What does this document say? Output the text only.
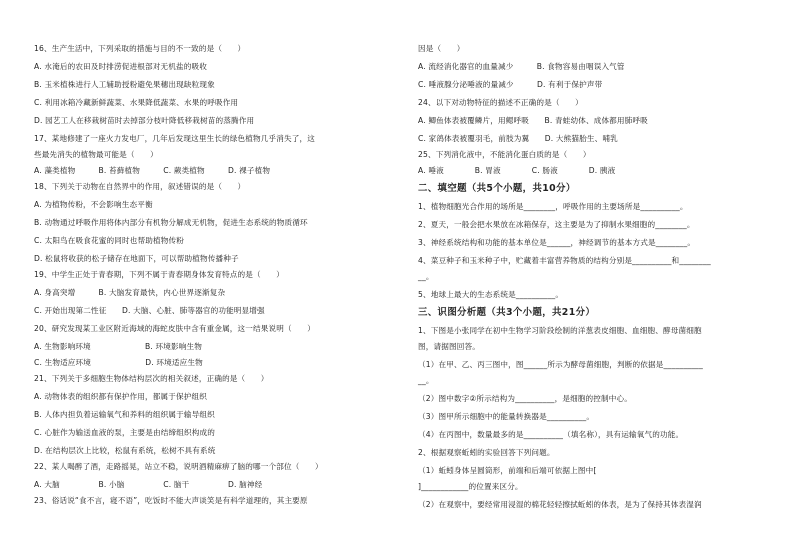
16、生产生活中，下列采取的措施与目的不一致的是（　　）
A. 水淹后的农田及时排涝促进根部对无机盐的吸收
B. 玉米植株进行人工辅助授粉避免果穗出现缺粒现象
C. 利用冰箱冷藏新鲜蔬菜、水果降低蔬菜、水果的呼吸作用
D. 园艺工人在移栽树苗时去掉部分枝叶降低移栽树苗的蒸腾作用
17、某地修建了一座火力发电厂，几年后发现这里生长的绿色植物几乎消失了，这
些最先消失的植物最可能是（　　）
A. 藻类植物　　　B. 苔藓植物　　　C. 蕨类植物　　　D. 裸子植物
18、下列关于动物在自然界中的作用，叙述错误的是（　　）
A. 为植物传粉，不会影响生态平衡
B. 动物通过呼吸作用将体内部分有机物分解成无机物，促进生态系统的物质循环
C. 太阳鸟在吸食花蜜的同时也帮助植物传粉
D. 松鼠将收获的松子储存在地面下，可以帮助植物传播种子
19、中学生正处于青春期，下列不属于青春期身体发育特点的是（　　）
A. 身高突增　　　B. 大脑发育最快，内心世界逐渐复杂
C. 开始出现第二性征　　D. 大脑、心脏、肺等器官的功能明显增强
20、研究发现某工业区附近海域的海蛇皮肤中含有重金属，这一结果说明（　　）
A. 生物影响环境　　　　　　　B. 环境影响生物
C. 生物适应环境　　　　　　　D. 环境适应生物
21、下列关于多细胞生物体结构层次的相关叙述，正确的是（　　）
A. 动物体表的组织都有保护作用，都属于保护组织
B. 人体内担负着运输氧气和养料的组织属于输导组织
C. 心脏作为输送血液的泵，主要是由结缔组织构成的
D. 在结构层次上比较，松鼠有系统，松树不具有系统
22、某人喝醉了酒，走路摇晃，站立不稳，说明酒精麻痹了脑的哪一个部位（　　）
A. 大脑　　　　　B. 小脑　　　　　C. 脑干　　　　　D. 脑神经
23、俗话说“食不言，寝不语”，吃饭时不能大声谈笑是有科学道理的，其主要原
因是（　　）
A. 流经消化器官的血量减少　　　B. 食物容易由咽误入气管
C. 唾液腺分泌唾液的量减少　　　D. 有利于保护声带
24、以下对动物特征的描述不正确的是（　　）
A. 鲫鱼体表被覆鳞片，用鳃呼吸　　B. 青蛙幼体、成体都用肺呼吸
C. 家鸽体表被覆羽毛，前肢为翼　　D. 大熊猫胎生、哺乳
25、下列消化液中，不能消化蛋白质的是（　　）
A. 唾液　　　　B. 胃液　　　　C. 肠液　　　　D. 胰液
二、填空题（共5个小题，共10分）
1、植物细胞光合作用的场所是________，呼吸作用的主要场所是__________。
2、夏天，一般会把水果放在冰箱保存，这主要是为了抑制水果细胞的________。
3、神经系统结构和功能的基本单位是______，神经调节的基本方式是________。
4、菜豆种子和玉米种子中，贮藏着丰富营养物质的结构分别是__________和________
__。
5、地球上最大的生态系统是__________。
三、识图分析题（共3个小题，共21分）
1、下图是小张同学在初中生物学习阶段绘制的洋葱表皮细胞、血细胞、酵母菌细胞
图，请据图回答。
（1）在甲、乙、丙三图中，图______所示为酵母菌细胞，判断的依据是__________
__。
（2）图中数字②所示结构为__________，是细胞的控制中心。
（3）图甲所示细胞中的能量转换器是__________。
（4）在丙图中，数量最多的是__________（填名称），具有运输氧气的功能。
2、根据观察蚯蚓的实验回答下列问题。
（1）蚯蚓身体呈圆筒形，前端和后端可依据上图中[
]____________的位置来区分。
（2）在观察中，要经常用浸湿的棉花轻轻擦拭蚯蚓的体表，是为了保持其体表湿润
